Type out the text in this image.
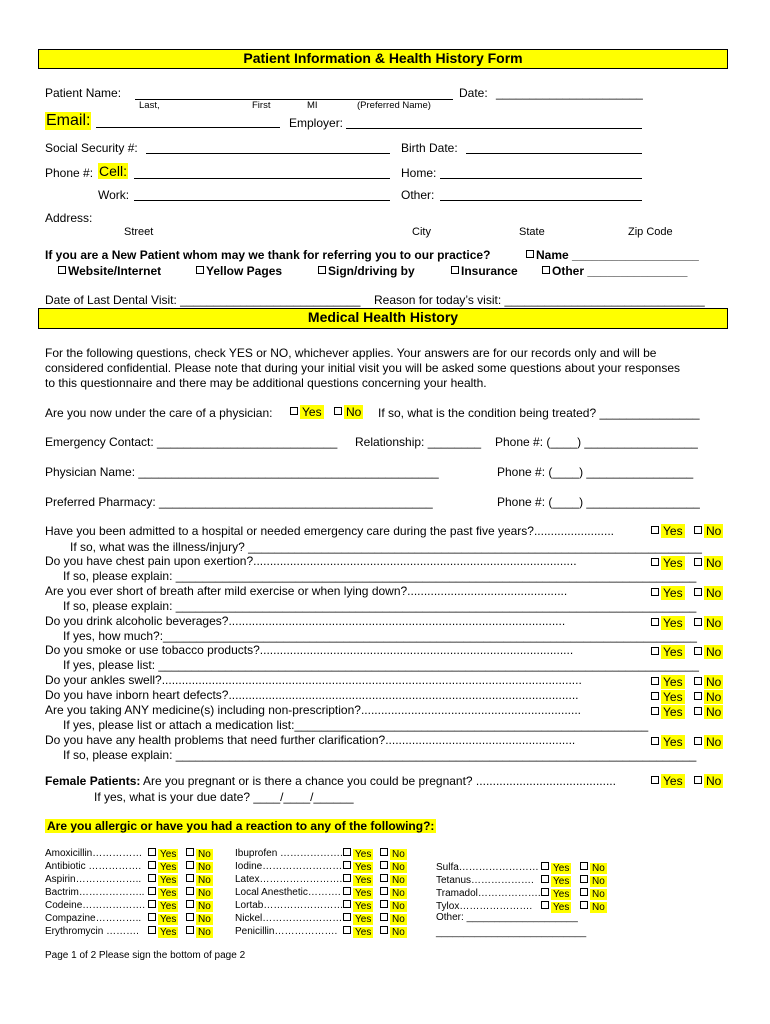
Patient Information & Health History Form
Patient Name:	Date: ______________________
Last,	First	MI	(Preferred Name)
Email:	Employer:
Social Security #:	Birth Date:
Phone #: Cell:	Home:
Work:	Other:
Address:
Street	City	State	Zip Code
If you are a New Patient whom may we thank for referring you to our practice?	Name ___________________
Website/Internet	Yellow Pages	Sign/driving by	Insurance	Other _______________
Date of Last Dental Visit: ___________________________ Reason for today’s visit: ______________________________
Medical Health History
For the following questions, check YES or NO, whichever applies. Your answers are for our records only and will be
considered confidential. Please note that during your initial visit you will be asked some questions about your responses
to this questionnaire and there may be additional questions concerning your health.
Are you now under the care of a physician:	Yes	No If so, what is the condition being treated? _______________
Emergency Contact: ___________________________ Relationship: ________ Phone #: (____) _________________
Physician Name: _____________________________________________	Phone #: (____) ________________
Preferred Pharmacy: _________________________________________	Phone #: (____) _________________
Have you been admitted to a hospital or needed emergency care during the past five years?........................	Yes	No
If so, what was the illness/injury? ____________________________________________________________________
Do you have chest pain upon exertion?.................................................................................................	Yes	No
If so, please explain: ______________________________________________________________________________
Are you ever short of breath after mild exercise or when lying down?................................................	Yes	No
If so, please explain: ______________________________________________________________________________
Do you drink alcoholic beverages?.....................................................................................................	Yes	No
If yes, how much?:________________________________________________________________________________
Do you smoke or use tobacco products?..............................................................................................	Yes	No
If yes, please list: _________________________________________________________________________________
Do your ankles swell?..............................................................................................................................	Yes	No
Do you have inborn heart defects?.........................................................................................................	Yes	No
Are you taking ANY medicine(s) including non-prescription?..................................................................	Yes	No
If yes, please list or attach a medication list:_____________________________________________________
Do you have any health problems that need further clarification?.........................................................	Yes	No
If so, please explain: ______________________________________________________________________________
Female Patients: Are you pregnant or is there a chance you could be pregnant? ..........................................	Yes	No
If yes, what is your due date? ____/____/______
Are you allergic or have you had a reaction to any of the following?:
Amoxicillin……………	Yes	No
Antibiotic …………….	Yes	No
Aspirin………………..	Yes	No
Bactrim………………..	Yes	No
Codeine……………….	Yes	No
Compazine…………..	Yes	No
Erythromycin ……….	Yes	No
Ibuprofen ……………….	Yes	No
Iodine……………………. Yes	No
Latex…………………….. Yes	No
Local Anesthetic……….	Yes	No
Lortab……………………	Yes	No
Nickel……………………	Yes	No
Penicillin……………….	Yes	No
Sulfa……………………	Yes	No
Tetanus……………….	Yes	No
Tramadol……………….	Yes	No
Tylox………………….	Yes	No
Other: ____________________
___________________________
Page 1 of 2 Please sign the bottom of page 2
